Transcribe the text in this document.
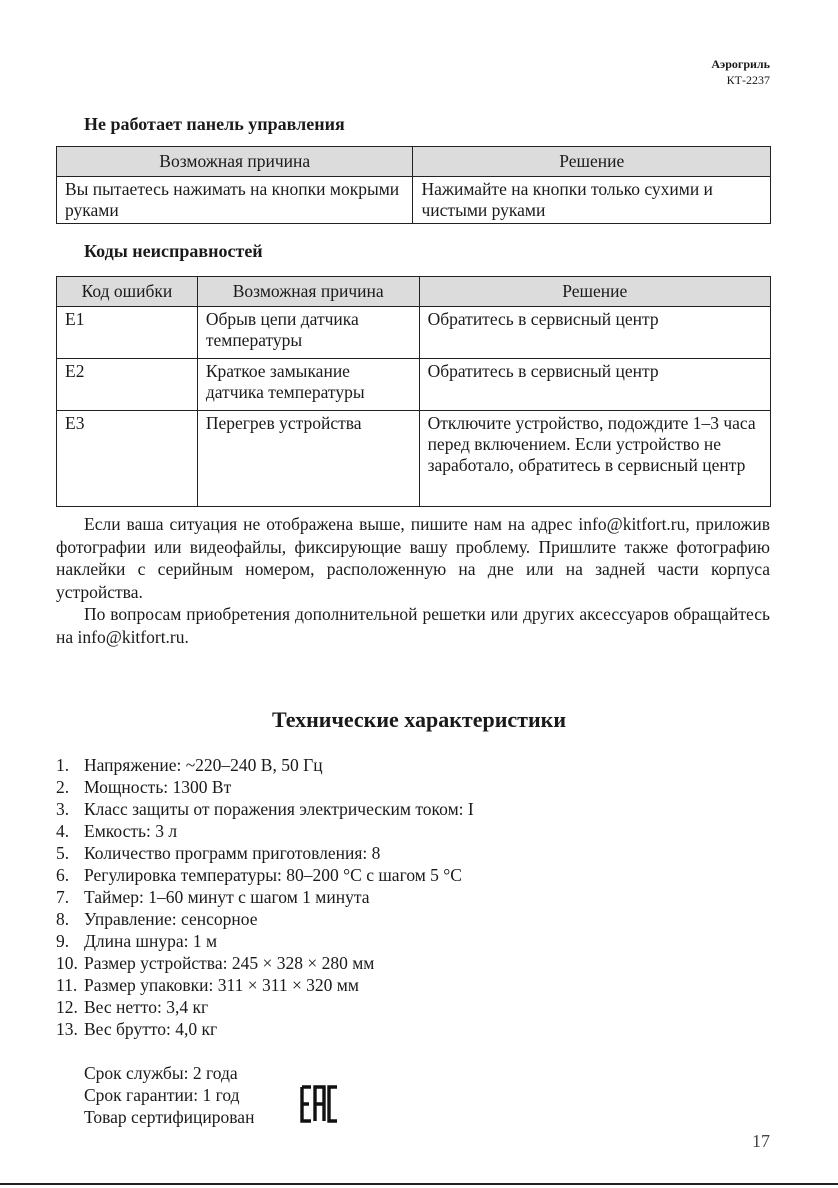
Аэрогриль
КТ-2237
Не работает панель управления
Возможная причина	Решение
Вы пытаетесь нажимать на кнопки мокрыми руками	Нажимайте на кнопки только сухими и чистыми руками
Коды неисправностей
Код ошибки	Возможная причина	Решение
E1	Обрыв цепи датчика температуры	Обратитесь в сервисный центр
E2	Краткое замыкание датчика температуры	Обратитесь в сервисный центр
E3	Перегрев устройства	Отключите устройство, подождите 1–3 часа перед включением. Если устройство не заработало, обратитесь в сервисный центр

Если ваша ситуация не отображена выше, пишите нам на адрес info@kitfort.ru, приложив фотографии или видеофайлы, фиксирующие вашу проблему. Пришлите также фотографию наклейки с серийным номером, расположенную на дне или на задней части корпуса устройства.

По вопросам приобретения дополнительной решетки или других аксессуаров обращайтесь на info@kitfort.ru.

Технические характеристики
1. Напряжение: ~220–240 В, 50 Гц
2. Мощность: 1300 Вт
3. Класс защиты от поражения электрическим током: I
4. Емкость: 3 л
5. Количество программ приготовления: 8
6. Регулировка температуры: 80–200 °C с шагом 5 °C
7. Таймер: 1–60 минут с шагом 1 минута
8. Управление: сенсорное
9. Длина шнура: 1 м
10. Размер устройства: 245 × 328 × 280 мм
11. Размер упаковки: 311 × 311 × 320 мм
12. Вес нетто: 3,4 кг
13. Вес брутто: 4,0 кг
Срок службы: 2 года
Срок гарантии: 1 год
Товар сертифицирован
17
